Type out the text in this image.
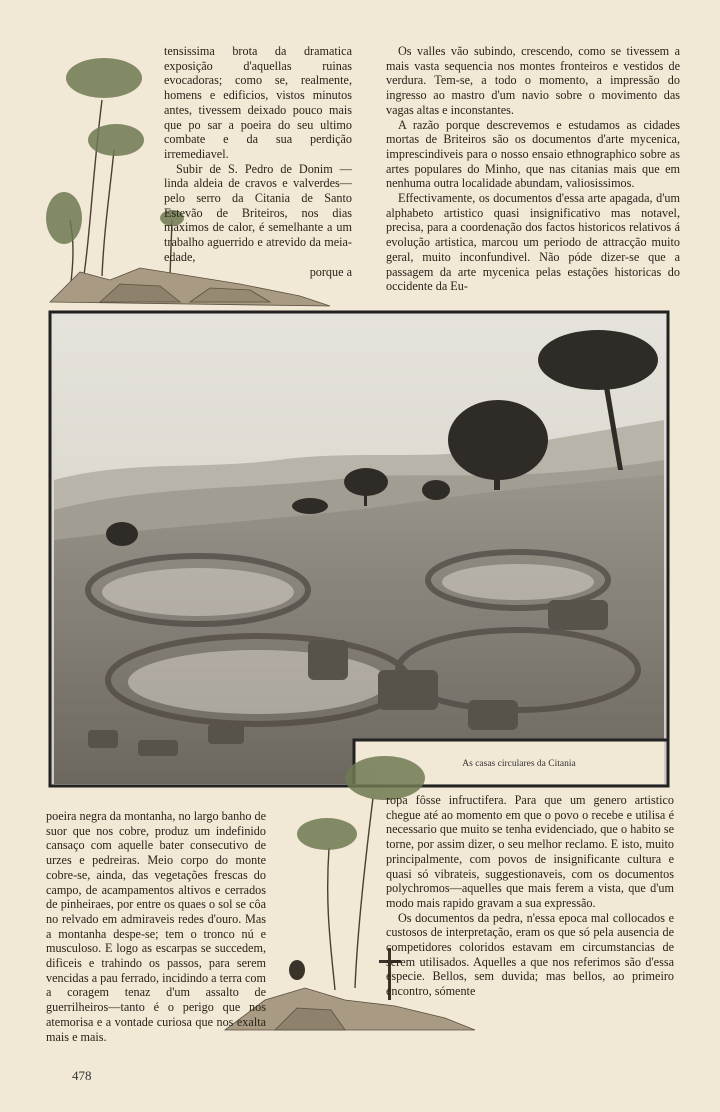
tensissima brota da dramatica exposição d'aquellas ruinas evocadoras; como se, realmente, homens e edificios, vistos minutos antes, tivessem deixado pouco mais que po sar a poeira do seu ultimo combate e da sua perdição irremediavel.

Subir de S. Pedro de Donim —linda aldeia de cravos e valverdes—pelo serro da Citania de Santo Estevão de Briteiros, nos dias maximos de calor, é semelhante a um trabalho aguerrido e atrevido da meia-edade,

porque a

Os valles vão subindo, crescendo, como se tivessem a mais vasta sequencia nos montes fronteiros e vestidos de verdura. Tem-se, a todo o momento, a impressão do ingresso ao mastro d'um navio sobre o movimento das vagas altas e inconstantes.

A razão porque descrevemos e estudamos as cidades mortas de Briteiros são os documentos d'arte mycenica, imprescindiveis para o nosso ensaio ethnographico sobre as artes populares do Minho, que nas citanias mais que em nenhuma outra localidade abundam, valiosissimos.

Effectivamente, os documentos d'essa arte apagada, d'um alphabeto artistico quasi insignificativo mas notavel, precisa, para a coordenação dos factos historicos relativos á evolução artistica, marcou um periodo de attracção muito geral, muito inconfundivel. Não póde dizer-se que a passagem da arte mycenica pelas estações historicas do occidente da Eu-

As casas circulares da Citania

poeira negra da montanha, no largo banho de suor que nos cobre, produz um indefinido cansaço com aquelle bater consecutivo de urzes e pedreiras. Meio corpo do monte cobre-se, ainda, das vegetações frescas do campo, de acampamentos altivos e cerrados de pinheiraes, por entre os quaes o sol se côa no relvado em admiraveis redes d'ouro. Mas a montanha despe-se; tem o tronco nú e musculoso. E logo as escarpas se succedem, dificeis e trahindo os passos, para serem vencidas a pau ferrado, incidindo a terra com a coragem tenaz d'um assalto de guerrilheiros—tanto é o perigo que nos atemorisa e a vontade curiosa que nos exalta mais e mais.

ropa fôsse infructifera. Para que um genero artistico chegue até ao momento em que o povo o recebe e utilisa é necessario que muito se tenha evidenciado, que o habito se torne, por assim dizer, o seu melhor reclamo. E isto, muito principalmente, com povos de insignificante cultura e quasi só vibrateis, suggestionaveis, com os documentos polychromos—aquelles que mais ferem a vista, que d'um modo mais rapido gravam a sua expressão.

Os documentos da pedra, n'essa epoca mal collocados e custosos de interpretação, eram os que só pela ausencia de competidores coloridos estavam em circumstancias de serem utilisados. Aquelles a que nos referimos são d'essa especie. Bellos, sem duvida; mas bellos, ao primeiro encontro, sómente

478
